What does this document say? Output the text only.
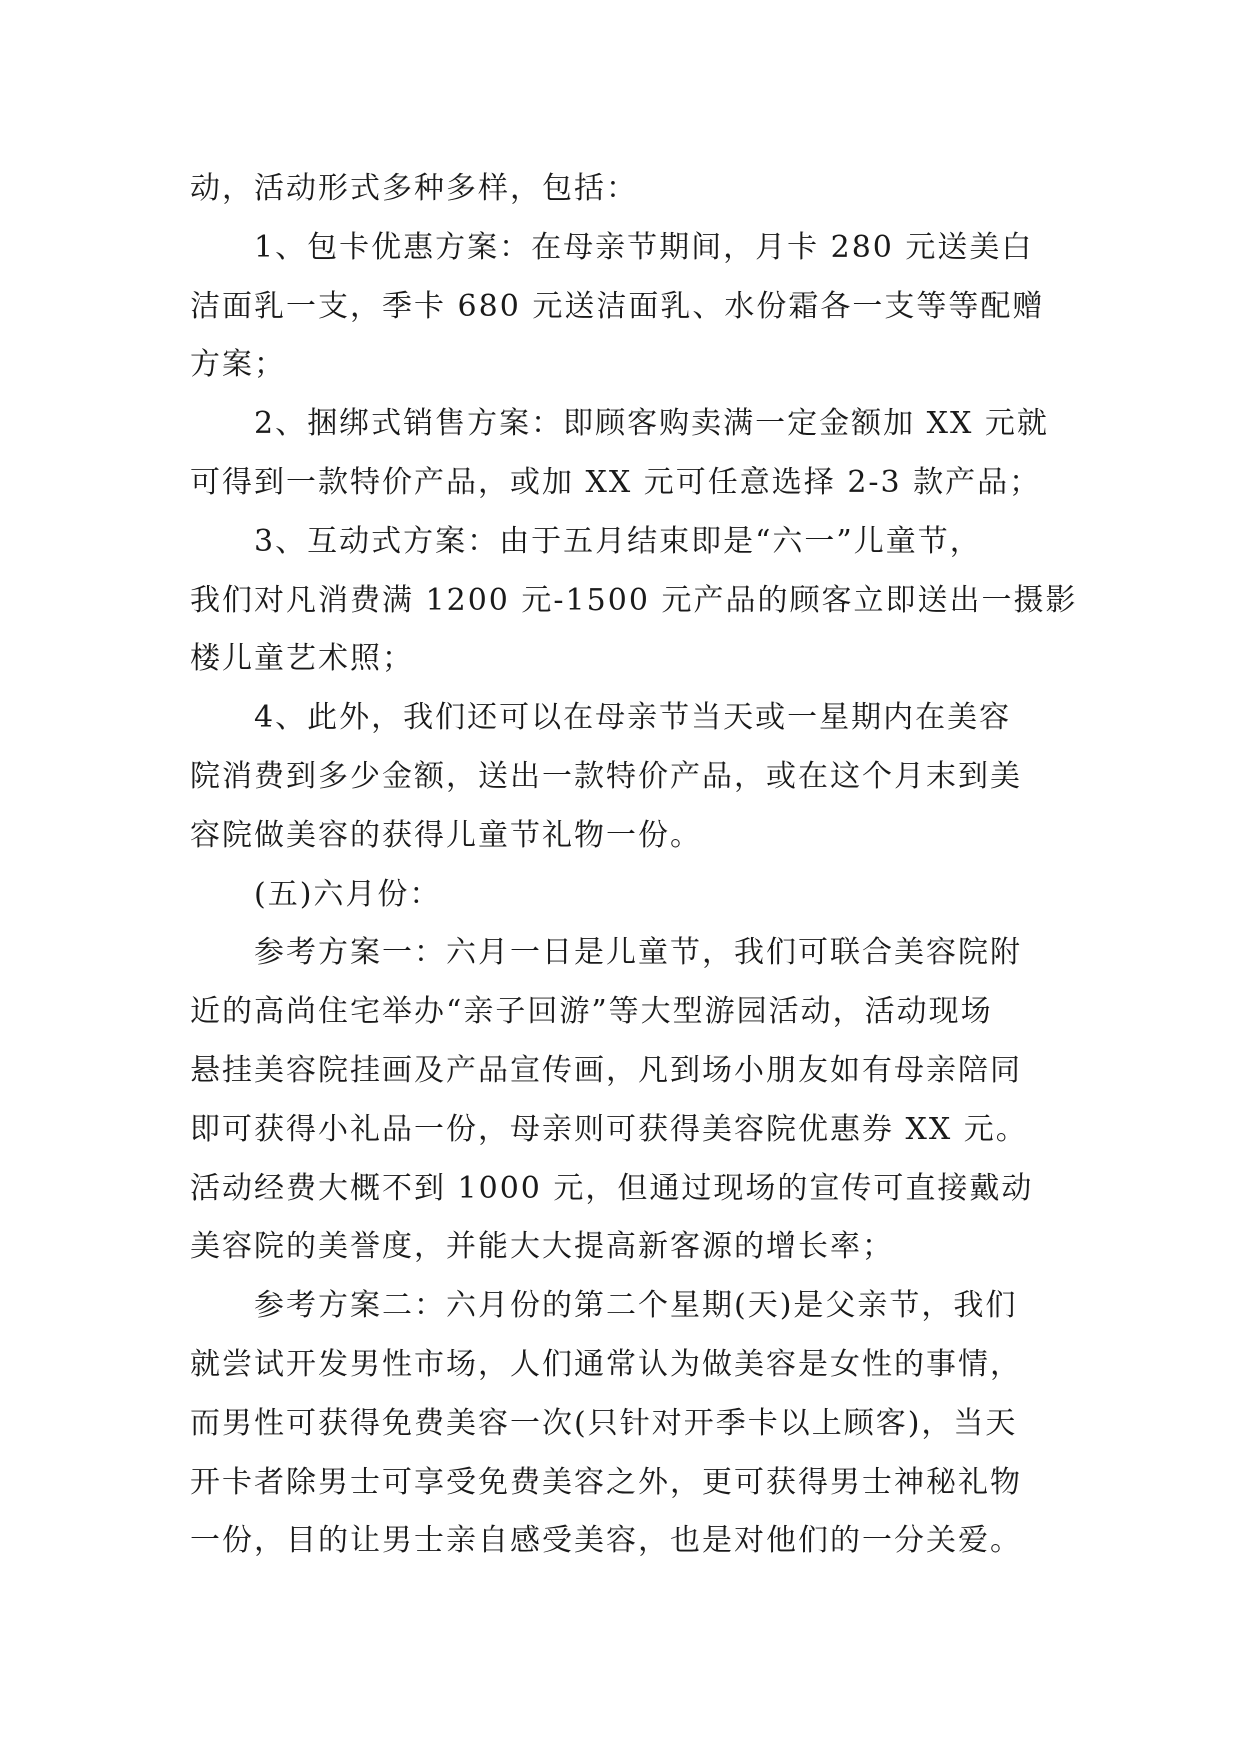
动，活动形式多种多样，包括：
1、包卡优惠方案：在母亲节期间，月卡 280 元送美白
洁面乳一支，季卡 680 元送洁面乳、水份霜各一支等等配赠
方案；
2、捆绑式销售方案：即顾客购卖满一定金额加 XX 元就
可得到一款特价产品，或加 XX 元可任意选择 2-3 款产品；
3、互动式方案：由于五月结束即是“六一”儿童节，
我们对凡消费满 1200 元-1500 元产品的顾客立即送出一摄影
楼儿童艺术照；
4、此外，我们还可以在母亲节当天或一星期内在美容
院消费到多少金额，送出一款特价产品，或在这个月末到美
容院做美容的获得儿童节礼物一份。
(五)六月份：
参考方案一：六月一日是儿童节，我们可联合美容院附
近的高尚住宅举办“亲子回游”等大型游园活动，活动现场
悬挂美容院挂画及产品宣传画，凡到场小朋友如有母亲陪同
即可获得小礼品一份，母亲则可获得美容院优惠券 XX 元。
活动经费大概不到 1000 元，但通过现场的宣传可直接戴动
美容院的美誉度，并能大大提高新客源的增长率；
参考方案二：六月份的第二个星期(天)是父亲节，我们
就尝试开发男性市场，人们通常认为做美容是女性的事情，
而男性可获得免费美容一次(只针对开季卡以上顾客)，当天
开卡者除男士可享受免费美容之外，更可获得男士神秘礼物
一份，目的让男士亲自感受美容，也是对他们的一分关爱。
